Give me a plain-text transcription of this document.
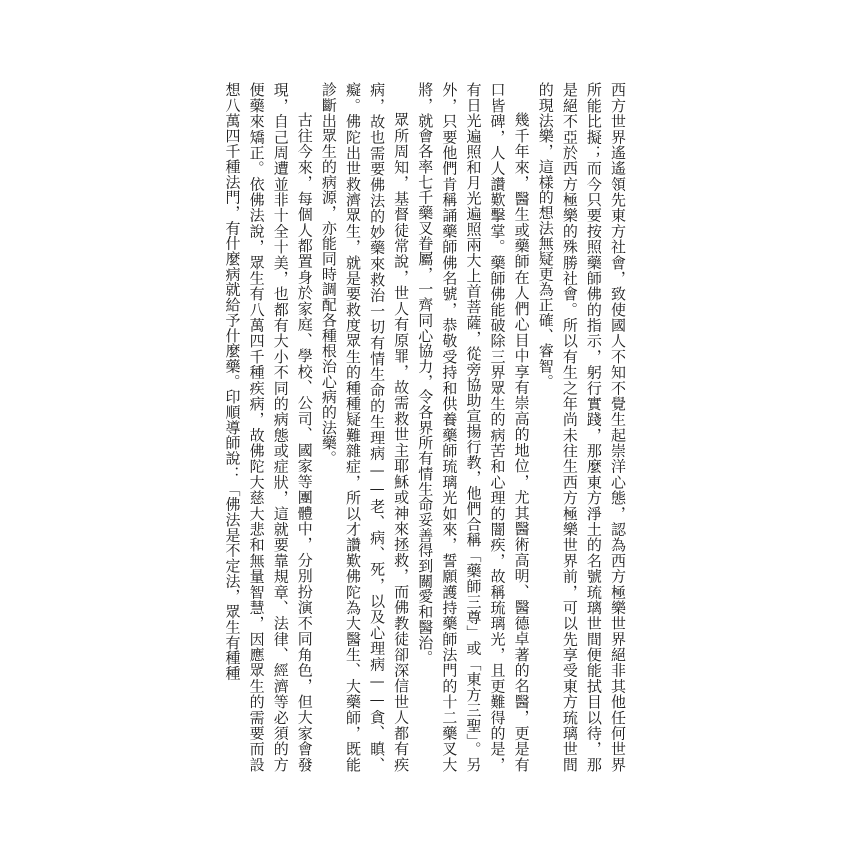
西方世界遙遙領先東方社會，致使國人不知不覺生起崇洋心態，認為西方極樂世界絕非其他任何世界所能比擬；而今只要按照藥師佛的指示，躬行實踐，那麼東方淨土的名號琉璃世間便能拭目以待，那是絕不亞於西方極樂的殊勝社會。所以有生之年尚未往生西方極樂世界前，可以先享受東方琉璃世間的現法樂，這樣的想法無疑更為正確、睿智。

幾千年來，醫生或藥師在人們心目中享有崇高的地位，尤其醫術高明、醫德卓著的名醫，更是有口皆碑，人人讚歎擊掌。藥師佛能破除三界眾生的病苦和心理的闇疾，故稱琉璃光，且更難得的是，有日光遍照和月光遍照兩大上首菩薩，從旁協助宣揚行教，他們合稱「藥師三尊」或「東方三聖」。另外，只要他們肯稱誦藥師佛名號，恭敬受持和供養藥師琉璃光如來，誓願護持藥師法門的十二藥叉大將，就會各率七千藥叉眷屬，一齊同心協力，令各界所有情生命妥善得到關愛和醫治。

眾所周知，基督徒常說，世人有原罪，故需救世主耶穌或神來拯救，而佛教徒卻深信世人都有疾病，故也需要佛法的妙藥來救治一切有情生命的生理病——老、病、死，以及心理病——貪、瞋、癡。佛陀出世救濟眾生，就是要救度眾生的種種疑難雜症，所以才讚歎佛陀為大醫生、大藥師，既能診斷出眾生的病源，亦能同時調配各種根治心病的法藥。

古往今來，每個人都置身於家庭、學校、公司、國家等團體中，分別扮演不同角色，但大家會發現，自己周遭並非十全十美，也都有大小不同的病態或症狀，這就要靠規章、法律、經濟等必須的方便藥來矯正。依佛法說，眾生有八萬四千種疾病，故佛陀大慈大悲和無量智慧，因應眾生的需要而設想八萬四千種法門，有什麼病就給予什麼藥。印順導師說：「佛法是不定法，眾生有種種
